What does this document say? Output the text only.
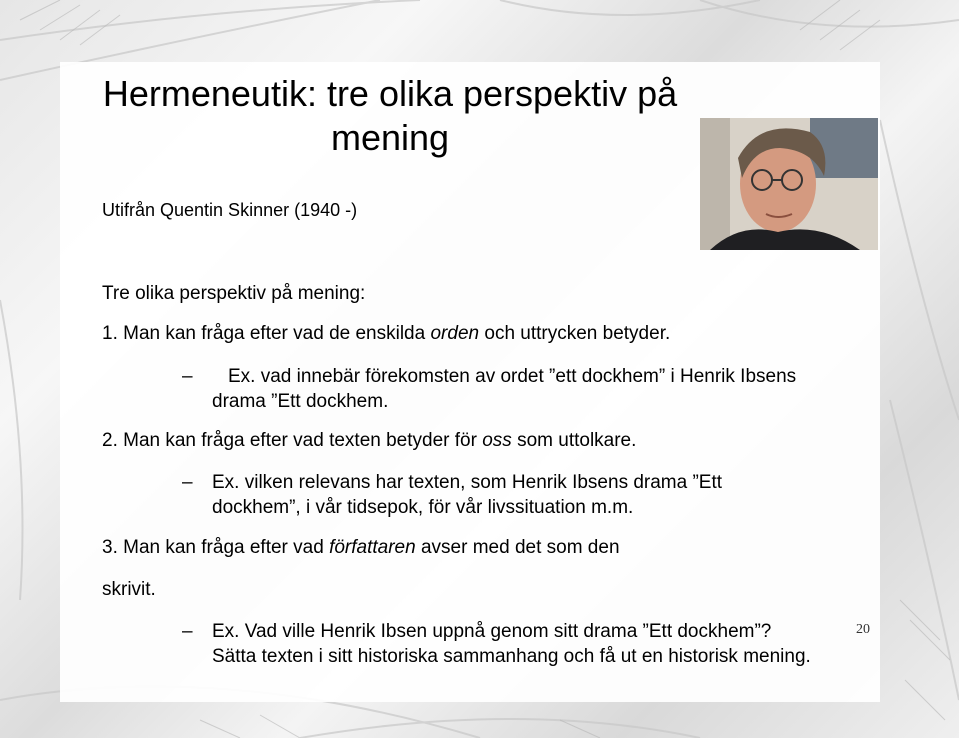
Hermeneutik: tre olika perspektiv på
mening
Utifrån Quentin Skinner (1940 -)
Tre olika perspektiv på mening:
1. Man kan fråga efter vad de enskilda orden och uttrycken betyder.
– Ex. vad innebär förekomsten av ordet ”ett dockhem” i Henrik Ibsens
drama ”Ett dockhem.
2. Man kan fråga efter vad texten betyder för oss som uttolkare.
– Ex. vilken relevans har texten, som Henrik Ibsens drama ”Ett
dockhem”, i vår tidsepok, för vår livssituation m.m.
3. Man kan fråga efter vad författaren avser med det som den
skrivit.
– Ex. Vad ville Henrik Ibsen uppnå genom sitt drama ”Ett dockhem”?
Sätta texten i sitt historiska sammanhang och få ut en historisk mening.
20
